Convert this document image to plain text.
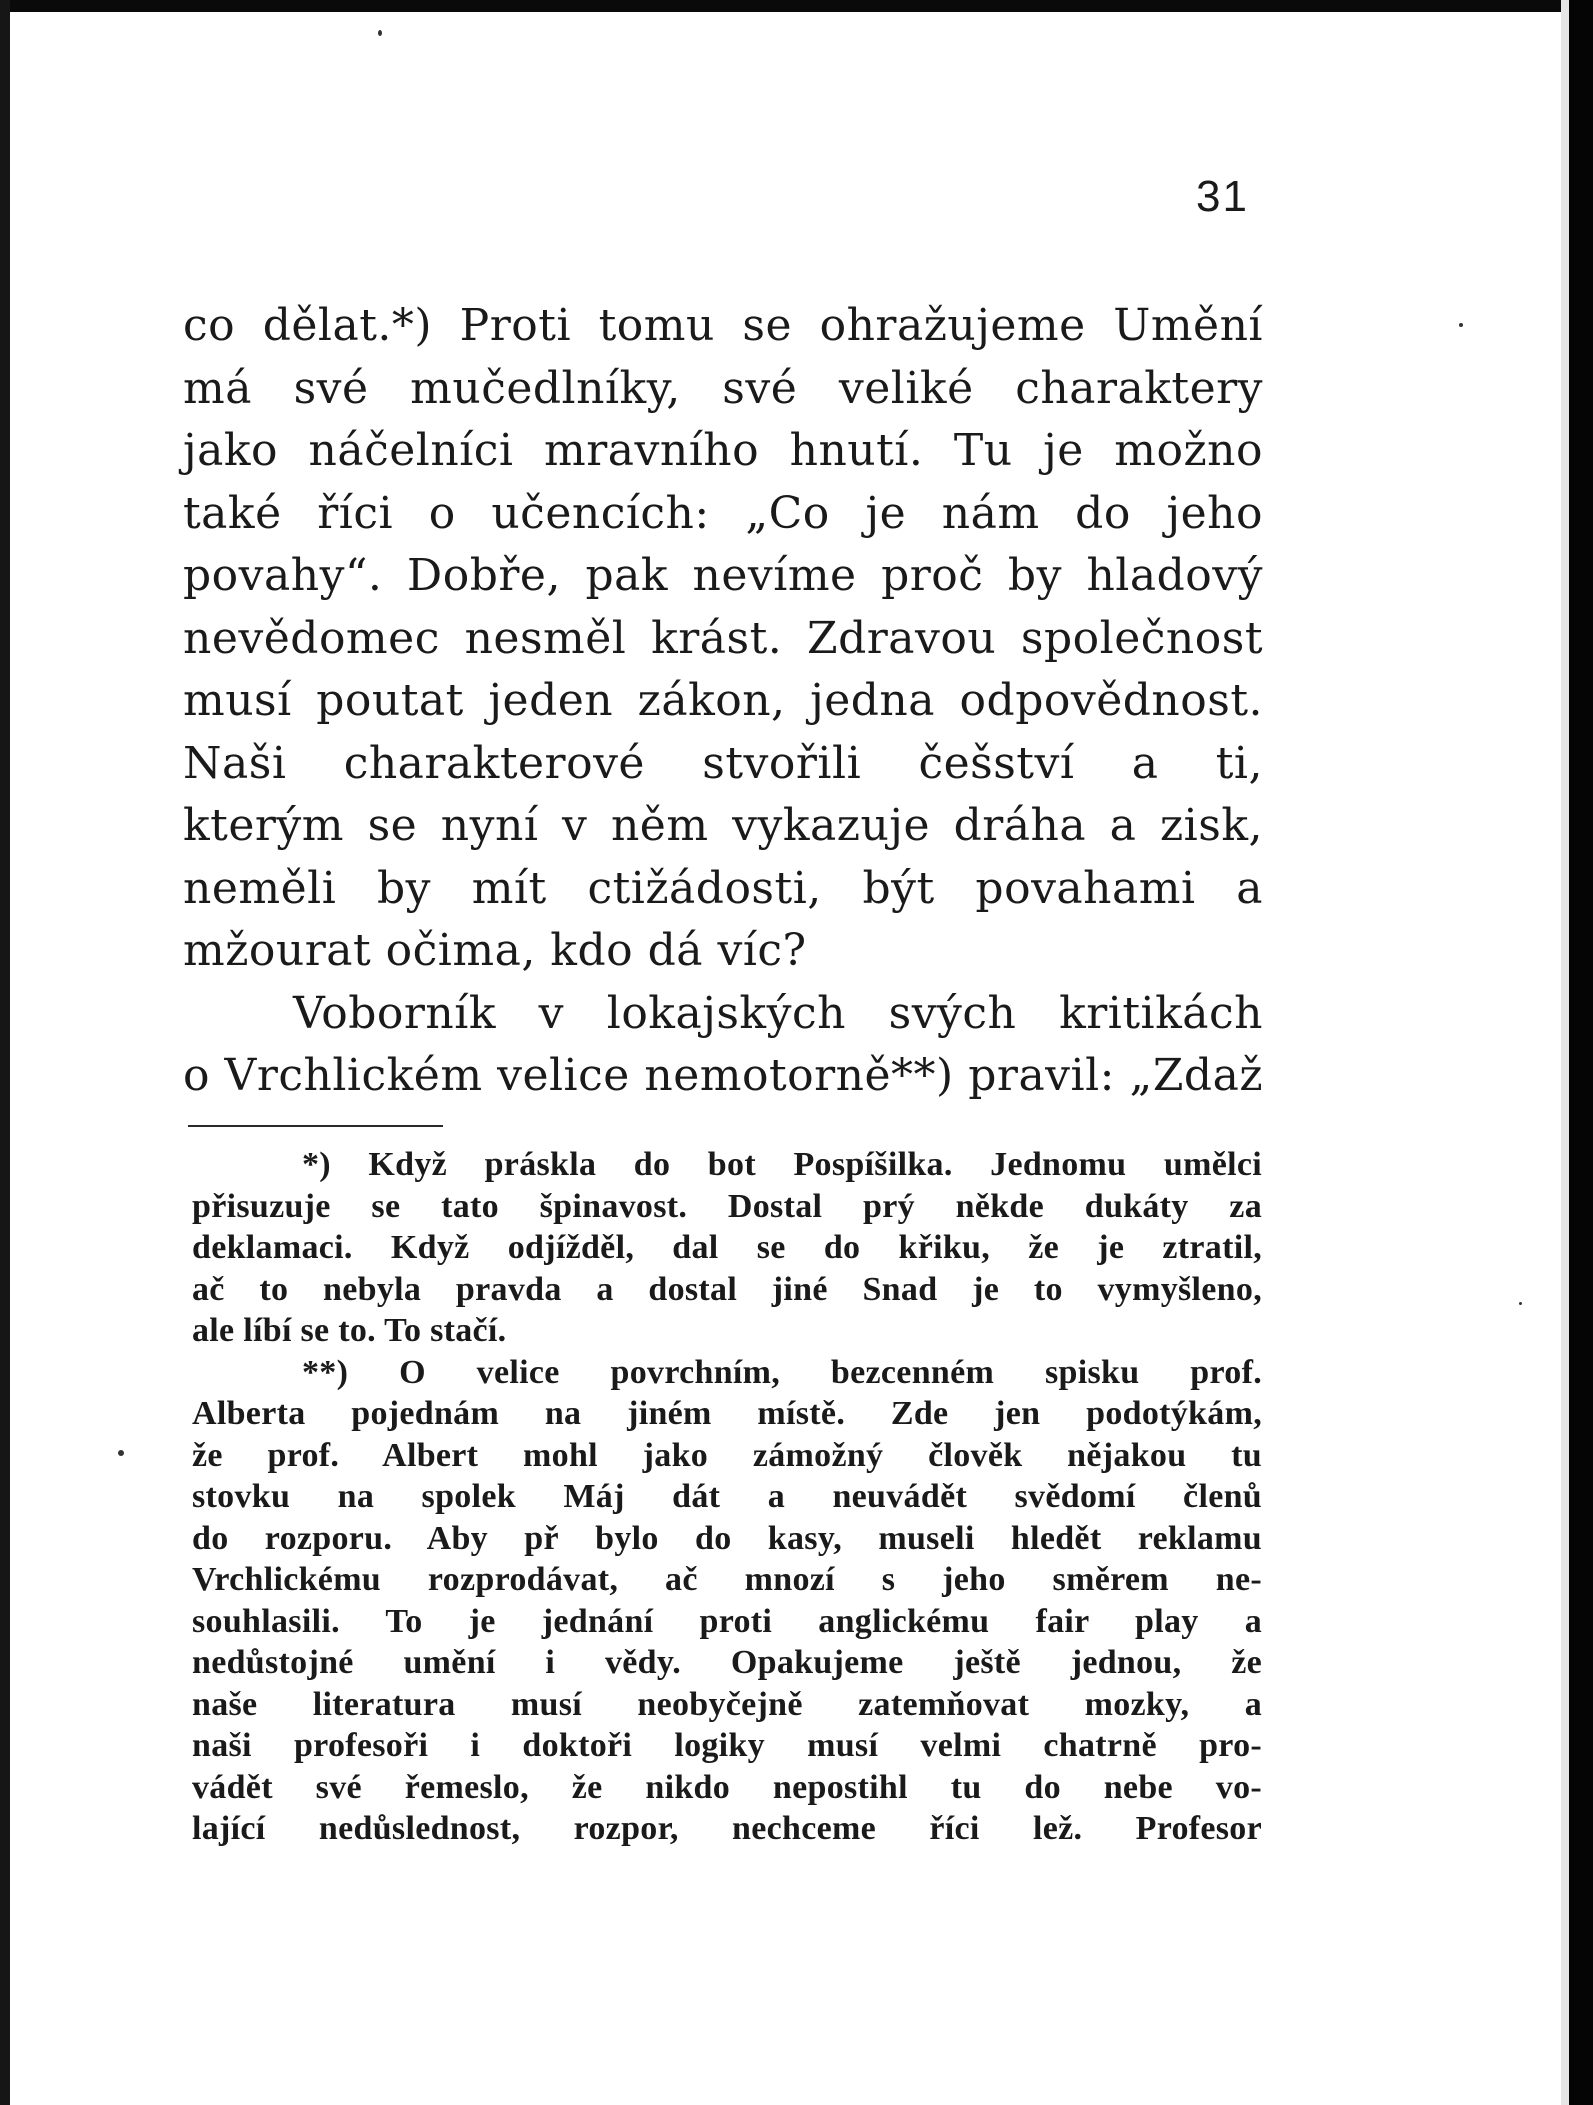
31
co dělat.*) Proti tomu se ohražujeme Umění
má své mučedlníky, své veliké charaktery
jako náčelníci mravního hnutí. Tu je možno
také říci o učencích: „Co je nám do jeho
povahy“. Dobře, pak nevíme proč by hladový
nevědomec nesměl krást. Zdravou společnost
musí poutat jeden zákon, jedna odpovědnost.
Naši charakterové stvořili češství a ti,
kterým se nyní v něm vykazuje dráha a zisk,
neměli by mít ctižádosti, být povahami a
mžourat očima, kdo dá víc?
Voborník v lokajských svých kritikách
o Vrchlickém velice nemotorně**) pravil: „Zdaž
*) Když práskla do bot Pospíšilka. Jednomu umělci
přisuzuje se tato špinavost. Dostal prý někde dukáty za
deklamaci. Když odjížděl, dal se do křiku, že je ztratil,
ač to nebyla pravda a dostal jiné Snad je to vymyšleno,
ale líbí se to. To stačí.
**) O velice povrchním, bezcenném spisku prof.
Alberta pojednám na jiném místě. Zde jen podotýkám,
že prof. Albert mohl jako zámožný člověk nějakou tu
stovku na spolek Máj dát a neuvádět svědomí členů
do rozporu. Aby př bylo do kasy, museli hledět reklamu
Vrchlickému rozprodávat, ač mnozí s jeho směrem ne-
souhlasili. To je jednání proti anglickému fair play a
nedůstojné umění i vědy. Opakujeme ještě jednou, že
naše literatura musí neobyčejně zatemňovat mozky, a
naši profesoři i doktoři logiky musí velmi chatrně pro-
vádět své řemeslo, že nikdo nepostihl tu do nebe vo-
lající nedůslednost, rozpor, nechceme říci lež. Profesor
